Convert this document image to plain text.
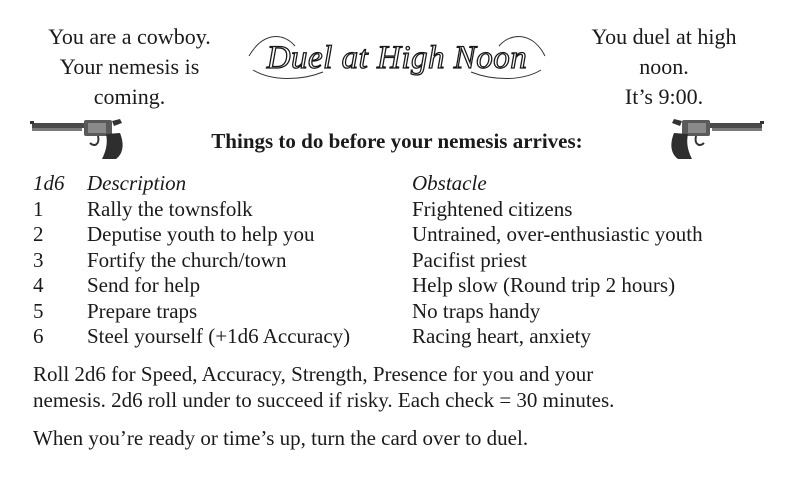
You are a cowboy.
Your nemesis is
coming.
Duel at High Noon
You duel at high
noon.
It’s 9:00.
Things to do before your nemesis arrives:
1d6	Description	Obstacle
1	Rally the townsfolk	Frightened citizens
2	Deputise youth to help you	Untrained, over-enthusiastic youth
3	Fortify the church/town	Pacifist priest
4	Send for help	Help slow (Round trip 2 hours)
5	Prepare traps	No traps handy
6	Steel yourself (+1d6 Accuracy)	Racing heart, anxiety
Roll 2d6 for Speed, Accuracy, Strength, Presence for you and your
nemesis. 2d6 roll under to succeed if risky. Each check = 30 minutes.
When you’re ready or time’s up, turn the card over to duel.
